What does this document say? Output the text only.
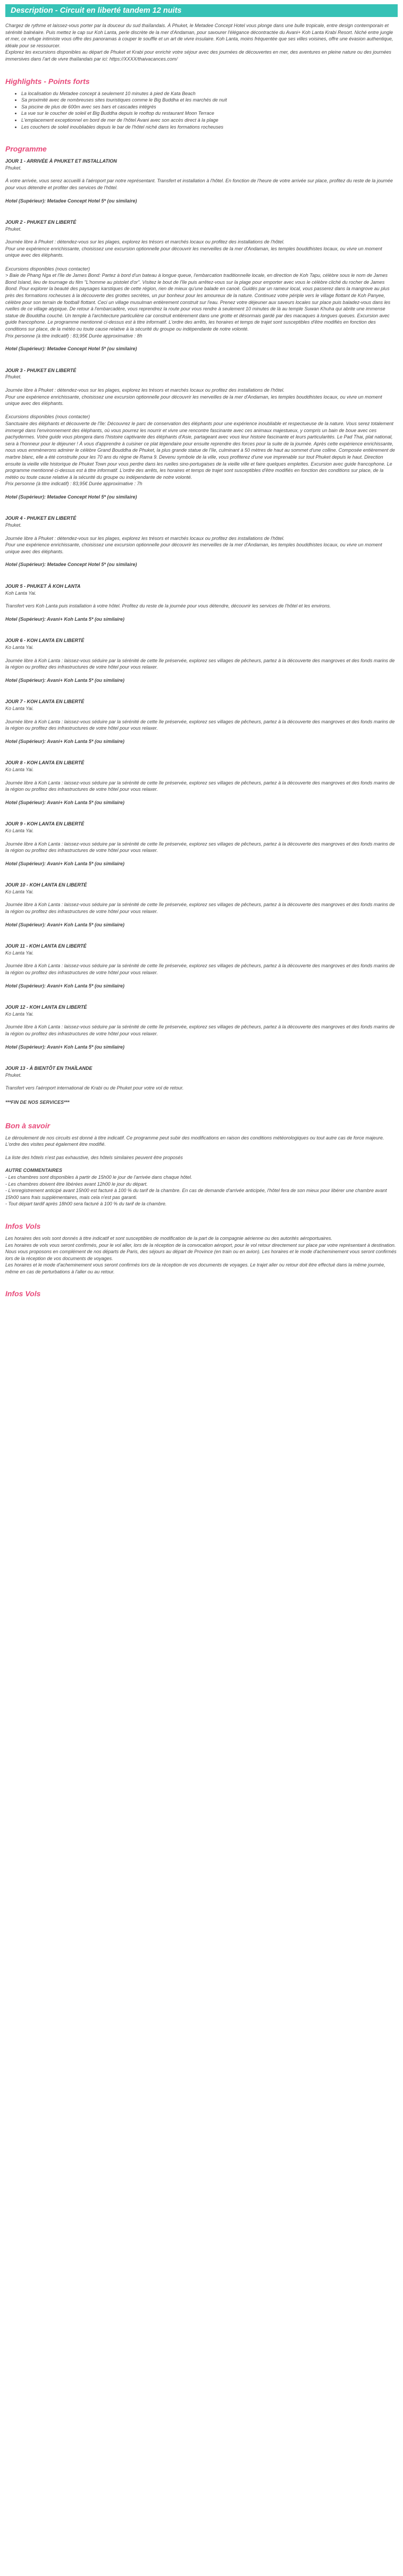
Description - Circuit en liberté tandem 12 nuits

Chargez de rythme et laissez-vous porter par la douceur du sud thaïlandais. À Phuket, le Metadee Concept Hotel vous plonge dans une bulle tropicale, entre design contemporain et sérénité balnéaire. Puis mettez le cap sur Koh Lanta, perle discrète de la mer d'Andaman, pour savourer l'élégance décontractée du Avani+ Koh Lanta Krabi Resort. Niché entre jungle et mer, ce refuge intimiste vous offre des panoramas à couper le souffle et un art de vivre insulaire. Koh Lanta, moins fréquentée que ses villes voisines, offre une évasion authentique, idéale pour se ressourcer.
Explorez les excursions disponibles au départ de Phuket et Krabi pour enrichir votre séjour avec des journées de découvertes en mer, des aventures en pleine nature ou des journées immersives dans l'art de vivre thaïlandais par ici: https://XXXX/thaivacances.com/

Highlights - Points forts
• La localisation du Metadee concept à seulement 10 minutes à pied de Kata Beach
• Sa proximité avec de nombreuses sites touristiques comme le Big Buddha et les marchés de nuit
• Sa piscine de plus de 600m avec ses bars et cascades intégrés
• La vue sur le coucher de soleil et Big Buddha depuis le rooftop du restaurant Moon Terrace
• L'emplacement exceptionnel en bord de mer de l'hôtel Avani avec son accès direct à la plage
• Les couchers de soleil inoubliables depuis le bar de l'hôtel niché dans les formations rocheuses
Programme
JOUR 1 - ARRIVÉE À PHUKET ET INSTALLATION
Phuket.
À votre arrivée, vous serez accueilli à l'aéroport par notre représentant. Transfert et installation à l'hôtel. En fonction de l'heure de votre arrivée sur place, profitez du reste de la journée pour vous détendre et profiter des services de l'hôtel.
Hotel (Supérieur): Metadee Concept Hotel 5* (ou similaire)
JOUR 2 - PHUKET EN LIBERTÉ
Phuket.
Journée libre à Phuket : détendez-vous sur les plages, explorez les trésors et marchés locaux ou profitez des installations de l'hôtel.
Pour une expérience enrichissante, choisissez une excursion optionnelle pour découvrir les merveilles de la mer d'Andaman, les temples bouddhistes locaux, ou vivre un moment unique avec des éléphants.

Excursions disponibles (nous contacter)
> Baie de Phang Nga et l'île de James Bond: Partez à bord d'un bateau à longue queue, l'embarcation traditionnelle locale, en direction de Koh Tapu, célèbre sous le nom de James Bond Island, lieu de tournage du film "L'homme au pistolet d'or". Visitez le bout de l'île puis arrêtez-vous sur la plage pour emporter avec vous le célèbre cliché du rocher de James Bond. Pour explorer la beauté des paysages karstiques de cette région, rien de mieux qu'une balade en canoë. Guidés par un rameur local, vous passerez dans la mangrove au plus près des formations rocheuses à la découverte des grottes secrètes, un pur bonheur pour les amoureux de la nature. Continuez votre périple vers le village flottant de Koh Panyee, célèbre pour son terrain de football flottant. Ceci un village musulman entièrement construit sur l'eau. Prenez votre déjeuner aux saveurs locales sur place puis baladez-vous dans les ruelles de ce village atypique. De retour à l'embarcadère, vous reprendrez la route pour vous rendre à seulement 10 minutes de là au temple Suwan Khuha qui abrite une immense statue de Bouddha couché. Un temple à l'architecture particulière car construit entièrement dans une grotte et désormais gardé par des macaques à longues queues. Excursion avec guide francophone. Le programme mentionné ci-dessus est à titre informatif. L'ordre des arrêts, les horaires et temps de trajet sont susceptibles d'être modifiés en fonction des conditions sur place, de la météo ou toute cause relative à la sécurité du groupe ou indépendante de notre volonté.
Prix personne (à titre indicatif) : 83,95€ Durée approximative : 8h
Hotel (Supérieur): Metadee Concept Hotel 5* (ou similaire)
JOUR 3 - PHUKET EN LIBERTÉ
Phuket.
Journée libre à Phuket : détendez-vous sur les plages, explorez les trésors et marchés locaux ou profitez des installations de l'hôtel.
Pour une expérience enrichissante, choisissez une excursion optionnelle pour découvrir les merveilles de la mer d'Andaman, les temples bouddhistes locaux, ou vivre un moment unique avec des éléphants.

Excursions disponibles (nous contacter)
Sanctuaire des éléphants et découverte de l'île: Découvrez le parc de conservation des éléphants pour une expérience inoubliable et respectueuse de la nature. Vous serez totalement immergé dans l'environnement des éléphants, où vous pourrez les nourrir et vivre une rencontre fascinante avec ces animaux majestueux, y compris un bain de boue avec ces pachydermes. Votre guide vous plongera dans l'histoire captivante des éléphants d'Asie, partageant avec vous leur histoire fascinante et leurs particularités. Le Pad Thai, plat national, sera à l'honneur pour le déjeuner ! À vous d'apprendre à cuisiner ce plat légendaire pour ensuite reprendre des forces pour la suite de la journée. Après cette expérience enrichissante, nous vous emmènerons admirer le célèbre Grand Bouddha de Phuket, la plus grande statue de l'île, culminant à 50 mètres de haut au sommet d'une colline. Composée entièrement de marbre blanc, elle a été construite pour les 70 ans du règne de Rama 9. Devenu symbole de la ville, vous profiterez d'une vue imprenable sur tout Phuket depuis le haut. Direction ensuite la vieille ville historique de Phuket Town pour vous perdre dans les ruelles sino-portugaises de la vieille ville et faire quelques emplettes. Excursion avec guide francophone. Le programme mentionné ci-dessus est à titre informatif. L'ordre des arrêts, les horaires et temps de trajet sont susceptibles d'être modifiés en fonction des conditions sur place, de la météo ou toute cause relative à la sécurité du groupe ou indépendante de notre volonté.
Prix personne (à titre indicatif) : 83,95€ Durée approximative : 7h
Hotel (Supérieur): Metadee Concept Hotel 5* (ou similaire)
JOUR 4 - PHUKET EN LIBERTÉ
Phuket.
Journée libre à Phuket : détendez-vous sur les plages, explorez les trésors et marchés locaux ou profitez des installations de l'hôtel.
Pour une expérience enrichissante, choisissez une excursion optionnelle pour découvrir les merveilles de la mer d'Andaman, les temples bouddhistes locaux, ou vivre un moment unique avec des éléphants.
Hotel (Supérieur): Metadee Concept Hotel 5* (ou similaire)
JOUR 5 - PHUKET À KOH LANTA
Koh Lanta Yai.
Transfert vers Koh Lanta puis installation à votre hôtel. Profitez du reste de la journée pour vous détendre, découvrir les services de l'hôtel et les environs.
Hotel (Supérieur): Avani+ Koh Lanta 5* (ou similaire)
JOUR 6 - KOH LANTA EN LIBERTÉ
Ko Lanta Yai.
Journée libre à Koh Lanta : laissez-vous séduire par la sérénité de cette île préservée, explorez ses villages de pêcheurs, partez à la découverte des mangroves et des fonds marins de la région ou profitez des infrastructures de votre hôtel pour vous relaxer.
Hotel (Supérieur): Avani+ Koh Lanta 5* (ou similaire)
JOUR 7 - KOH LANTA EN LIBERTÉ
Ko Lanta Yai.
Journée libre à Koh Lanta : laissez-vous séduire par la sérénité de cette île préservée, explorez ses villages de pêcheurs, partez à la découverte des mangroves et des fonds marins de la région ou profitez des infrastructures de votre hôtel pour vous relaxer.
Hotel (Supérieur): Avani+ Koh Lanta 5* (ou similaire)
JOUR 8 - KOH LANTA EN LIBERTÉ
Ko Lanta Yai.
Journée libre à Koh Lanta : laissez-vous séduire par la sérénité de cette île préservée, explorez ses villages de pêcheurs, partez à la découverte des mangroves et des fonds marins de la région ou profitez des infrastructures de votre hôtel pour vous relaxer.
Hotel (Supérieur): Avani+ Koh Lanta 5* (ou similaire)
JOUR 9 - KOH LANTA EN LIBERTÉ
Ko Lanta Yai.
Journée libre à Koh Lanta : laissez-vous séduire par la sérénité de cette île préservée, explorez ses villages de pêcheurs, partez à la découverte des mangroves et des fonds marins de la région ou profitez des infrastructures de votre hôtel pour vous relaxer.
Hotel (Supérieur): Avani+ Koh Lanta 5* (ou similaire)
JOUR 10 - KOH LANTA EN LIBERTÉ
Ko Lanta Yai.
Journée libre à Koh Lanta : laissez-vous séduire par la sérénité de cette île préservée, explorez ses villages de pêcheurs, partez à la découverte des mangroves et des fonds marins de la région ou profitez des infrastructures de votre hôtel pour vous relaxer.
Hotel (Supérieur): Avani+ Koh Lanta 5* (ou similaire)
JOUR 11 - KOH LANTA EN LIBERTÉ
Ko Lanta Yai.
Journée libre à Koh Lanta : laissez-vous séduire par la sérénité de cette île préservée, explorez ses villages de pêcheurs, partez à la découverte des mangroves et des fonds marins de la région ou profitez des infrastructures de votre hôtel pour vous relaxer.
Hotel (Supérieur): Avani+ Koh Lanta 5* (ou similaire)
JOUR 12 - KOH LANTA EN LIBERTÉ
Ko Lanta Yai.
Journée libre à Koh Lanta : laissez-vous séduire par la sérénité de cette île préservée, explorez ses villages de pêcheurs, partez à la découverte des mangroves et des fonds marins de la région ou profitez des infrastructures de votre hôtel pour vous relaxer.
Hotel (Supérieur): Avani+ Koh Lanta 5* (ou similaire)
JOUR 13 - À BIENTÔT EN THAÏLANDE
Phuket.
Transfert vers l'aéroport international de Krabi ou de Phuket pour votre vol de retour.
***FIN DE NOS SERVICES***
Bon à savoir

Le déroulement de nos circuits est donné à titre indicatif. Ce programme peut subir des modifications en raison des conditions météorologiques ou tout autre cas de force majeure. L'ordre des visites peut également être modifié.

La liste des hôtels n'est pas exhaustive, des hôtels similaires peuvent être proposés

AUTRE COMMENTAIRES

- Les chambres sont disponibles à partir de 15h00 le jour de l'arrivée dans chaque hôtel.
- Les chambres doivent être libérées avant 12h00 le jour du départ.
- L'enregistrement anticipé avant 15h00 est facturé à 100 % du tarif de la chambre. En cas de demande d'arrivée anticipée, l'hôtel fera de son mieux pour libérer une chambre avant 15h00 sans frais supplémentaires, mais cela n'est pas garanti.
- Tout départ tardif après 18h00 sera facturé à 100 % du tarif de la chambre.

Infos Vols

Les horaires des vols sont donnés à titre indicatif et sont susceptibles de modification de la part de la compagnie aérienne ou des autorités aéroportuaires.
Les horaires de vols vous seront confirmés, pour le vol aller, lors de la réception de la convocation aéroport, pour le vol retour directement sur place par votre représentant à destination.
Nous vous proposons en complément de nos départs de Paris, des séjours au départ de Province (en train ou en avion). Les horaires et le mode d'acheminement vous seront confirmés lors de la réception de vos documents de voyages.
Les horaires et le mode d'acheminement vous seront confirmés lors de la réception de vos documents de voyages. Le trajet aller ou retour doit être effectué dans la même journée, même en cas de perturbations à l'aller ou au retour.

Infos Vols
